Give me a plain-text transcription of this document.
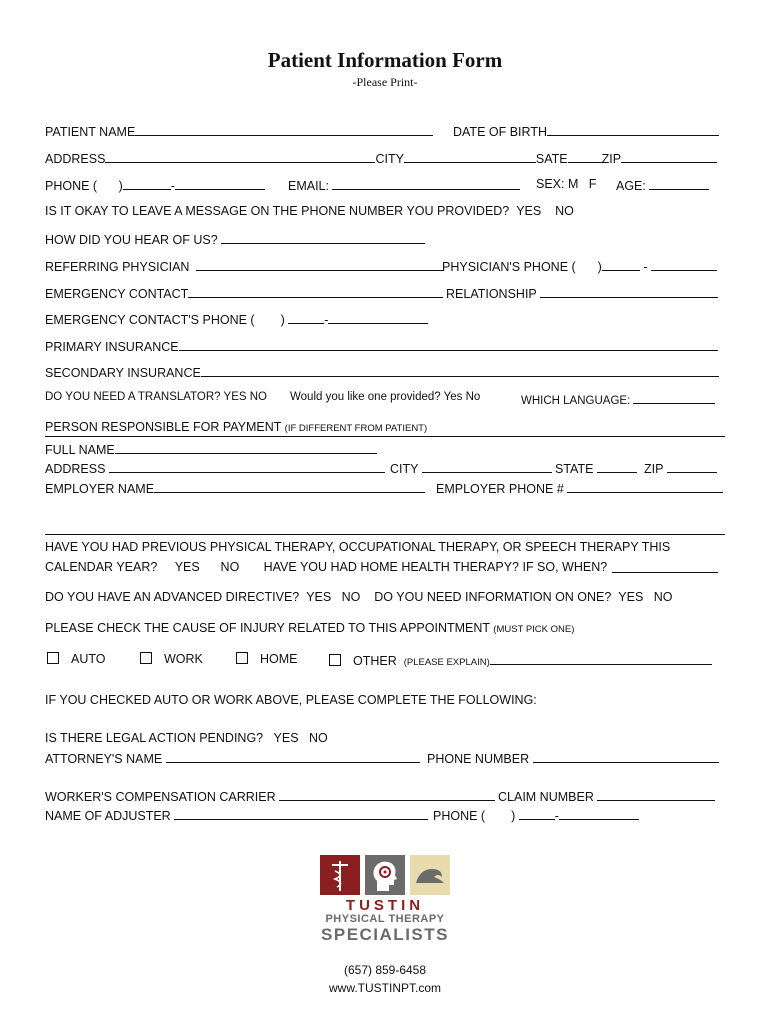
Patient Information Form
-Please Print-
PATIENT NAME	DATE OF BIRTH
ADDRESS	CITY	SATE	ZIP
PHONE ( )	-	EMAIL:	SEX: M F AGE:
IS IT OKAY TO LEAVE A MESSAGE ON THE PHONE NUMBER YOU PROVIDED? YES NO
HOW DID YOU HEAR OF US?
REFERRING PHYSICIAN	PHYSICIAN'S PHONE ( )	-
EMERGENCY CONTACT	RELATIONSHIP
EMERGENCY CONTACT'S PHONE ( )	-
PRIMARY INSURANCE
SECONDARY INSURANCE
DO YOU NEED A TRANSLATOR? YES NO Would you like one provided? Yes No	WHICH LANGUAGE:
PERSON RESPONSIBLE FOR PAYMENT (IF DIFFERENT FROM PATIENT)
FULL NAME
ADDRESS	CITY	STATE	ZIP
EMPLOYER NAME	EMPLOYER PHONE #
HAVE YOU HAD PREVIOUS PHYSICAL THERAPY, OCCUPATIONAL THERAPY, OR SPEECH THERAPY THIS
CALENDAR YEAR? YES NO HAVE YOU HAD HOME HEALTH THERAPY? IF SO, WHEN?
DO YOU HAVE AN ADVANCED DIRECTIVE? YES NO DO YOU NEED INFORMATION ON ONE? YES NO
PLEASE CHECK THE CAUSE OF INJURY RELATED TO THIS APPOINTMENT (MUST PICK ONE)
AUTO	WORK	HOME	OTHER (PLEASE EXPLAIN)
IF YOU CHECKED AUTO OR WORK ABOVE, PLEASE COMPLETE THE FOLLOWING:
IS THERE LEGAL ACTION PENDING? YES NO
ATTORNEY'S NAME	PHONE NUMBER
WORKER'S COMPENSATION CARRIER	CLAIM NUMBER
NAME OF ADJUSTER	PHONE ( )	-
TUSTIN
PHYSICAL THERAPY
SPECIALISTS
(657) 859-6458
www.TUSTINPT.com
